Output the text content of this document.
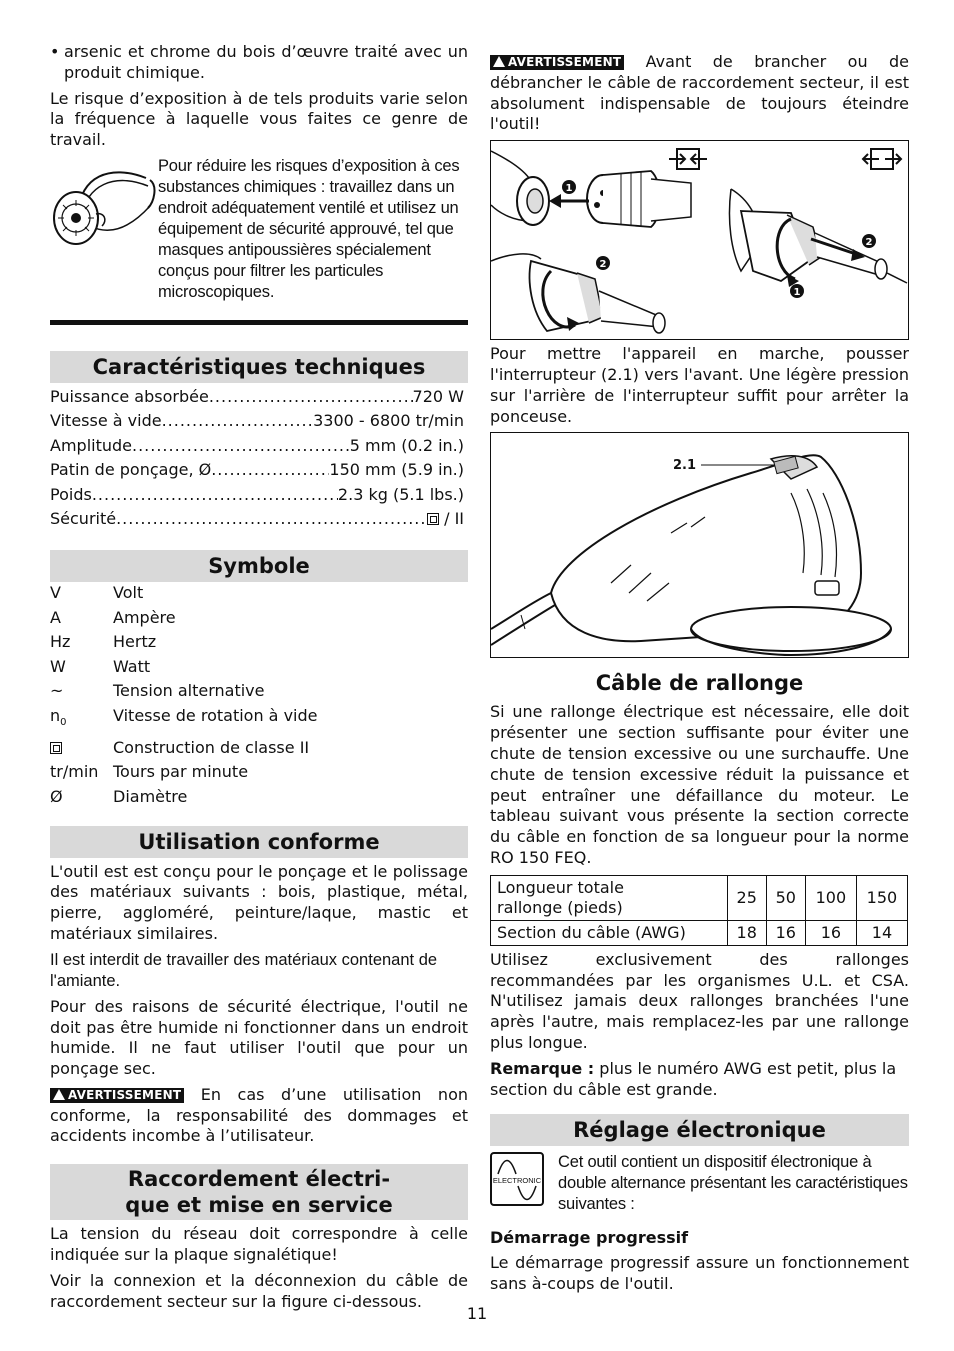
• arsenic et chrome du bois d’œuvre traité avec un produit chimique.

Le risque d’exposition à de tels produits varie selon la fréquence à laquelle vous faites ce genre de travail.

Pour réduire les risques d’exposition à ces substances chimiques : travaillez dans un endroit adéquatement ventilé et utilisez un équipement de sécurité approuvé, tel que masques antipoussières spécialement conçus pour filtrer les particules microscopiques.

Caractéristiques techniques
Puissance absorbée .....	720 W
Vitesse à vide .....	3300 - 6800 tr/min
Amplitude .....	5 mm (0.2 in.)
Patin de ponçage, Ø .....	150 mm (5.9 in.)
Poids .....	2.3 kg (5.1 lbs.)
Sécurité .....	/ II
Symbole
V	Volt
A	Ampère
Hz	Hertz
W	Watt
~	Tension alternative
$n_0$	Vitesse de rotation à vide
Construction de classe II
tr/min Tours par minute
Ø	Diamètre
Utilisation conforme

L'outil est est conçu pour le ponçage et le polissage des matériaux suivants : bois, plastique, métal, pierre, aggloméré, peinture/laque, mastic et matériaux similaires.

Il est interdit de travailler des matériaux contenant de l'amiante.

Pour des raisons de sécurité électrique, l'outil ne doit pas être humide ni fonctionner dans un endroit humide. Il ne faut utiliser l'outil que pour un ponçage sec.

AVERTISSEMENT En cas d’une utilisation non conforme, la responsabilité des dommages et accidents incombe à l’utilisateur.

Raccordement électri-
que et mise en service

La tension du réseau doit correspondre à celle indiquée sur la plaque signalétique!

Voir la connexion et la déconnexion du câble de raccordement secteur sur la figure ci-dessous.

AVERTISSEMENT Avant de brancher ou de débrancher le câble de raccordement secteur, il est absolument indispensable de toujours éteindre l'outil!

1
2
2
1

Pour mettre l'appareil en marche, pousser l'interrupteur (2.1) vers l'avant. Une légère pression sur l'arrière de l'interrupteur suffit pour arrêter la ponceuse.

2.1
Câble de rallonge

Si une rallonge électrique est nécessaire, elle doit présenter une section suffisante pour éviter une chute de tension excessive ou une surchauffe. Une chute de tension excessive réduit la puissance et peut entraîner une défaillance du moteur. Le tableau suivant vous présente la section correcte du câble en fonction de sa longueur pour la norme RO 150 FEQ.

Longueur totale
rallonge (pieds)	25	50	100	150
Section du câble (AWG)	18	16	16	14

Utilisez exclusivement des rallonges recommandées par les organismes U.L. et CSA. N'utilisez jamais deux rallonges branchées l'une après l'autre, mais remplacez-les par une rallonge plus longue.

Remarque : plus le numéro AWG est petit, plus la section du câble est grande.

Réglage électronique
ELECTRONIC

Cet outil contient un dispositif électronique à double alternance présentant les caractéristiques suivantes :

Démarrage progressif

Le démarrage progressif assure un fonctionnement sans à-coups de l'outil.

11
